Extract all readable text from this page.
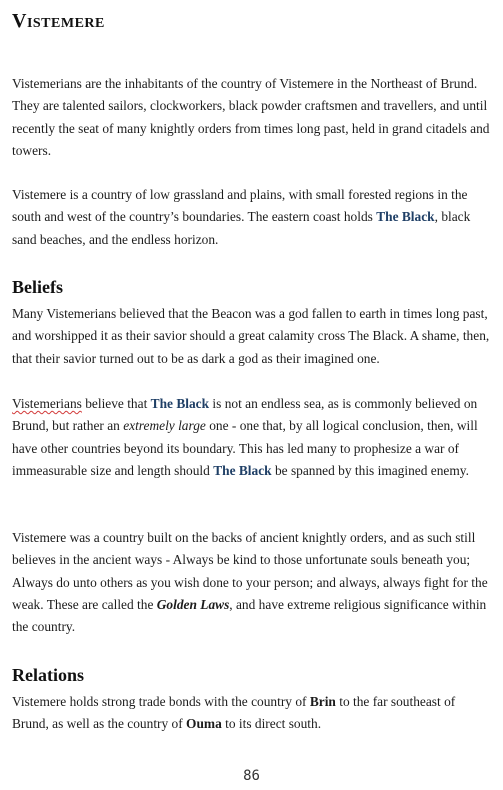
Vistemere

Vistemerians are the inhabitants of the country of Vistemere in the Northeast of Brund. They are talented sailors, clockworkers, black powder craftsmen and travellers, and until recently the seat of many knightly orders from times long past, held in grand citadels and towers.

Vistemere is a country of low grassland and plains, with small forested regions in the south and west of the country’s boundaries. The eastern coast holds The Black, black sand beaches, and the endless horizon.

Beliefs

Many Vistemerians believed that the Beacon was a god fallen to earth in times long past, and worshipped it as their savior should a great calamity cross The Black. A shame, then, that their savior turned out to be as dark a god as their imagined one.

Vistemerians believe that The Black is not an endless sea, as is commonly believed on Brund, but rather an extremely large one - one that, by all logical conclusion, then, will have other countries beyond its boundary. This has led many to prophesize a war of immeasurable size and length should The Black be spanned by this imagined enemy.

Vistemere was a country built on the backs of ancient knightly orders, and as such still believes in the ancient ways - Always be kind to those unfortunate souls beneath you; Always do unto others as you wish done to your person; and always, always fight for the weak. These are called the Golden Laws, and have extreme religious significance within the country.

Relations

Vistemere holds strong trade bonds with the country of Brin to the far southeast of Brund, as well as the country of Ouma to its direct south.

86
